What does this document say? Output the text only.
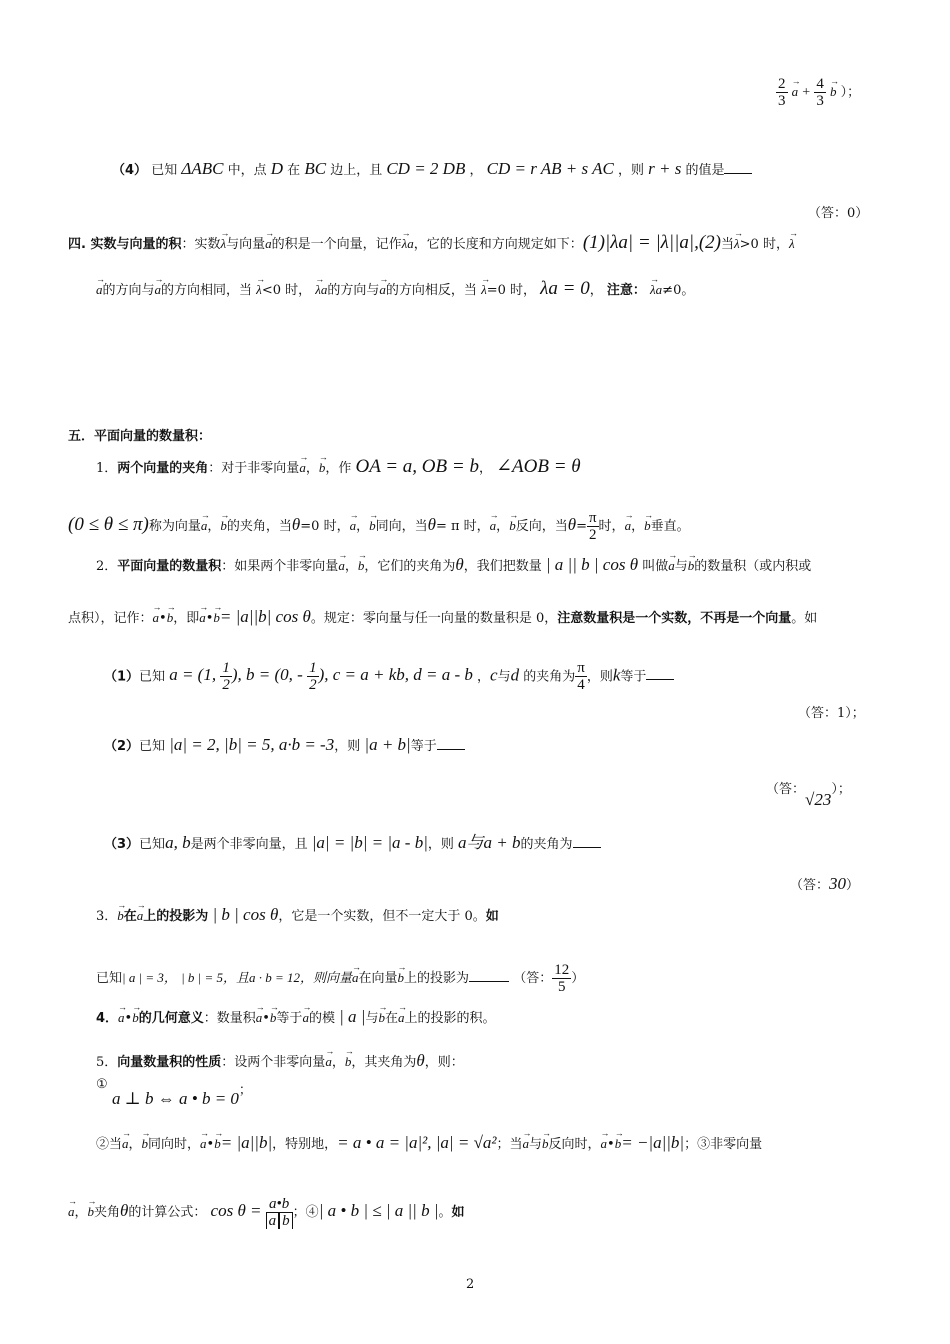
$\frac{2}{3}$
→ $a + \frac{4}{3}$
→ b ）；
（4） 已知 ΔABC 中，点 D 在 BC 边上，且 CD = 2 DB ， CD = r AB + s AC ，则 r + s 的值是
（答：0）
四. 实数与向量的积：实数→ λ与向量→ a的积是一个向量，记作→ λa，它的长度和方向规定如下：(1)|λa| = |λ||a|,(2)当→ λ>0 时，→ λ
→ a的方向与→ a的方向相同，当 → λ<0 时， → λa的方向与→ a的方向相反，当 → λ=0 时， λa = 0， 注意： → λa≠0。
五．平面向量的数量积：
1．两个向量的夹角：对于非零向量→ a，→ b，作 OA = a, OB = b， ∠AOB = θ
(0 ≤ θ ≤ π)称为向量→ a，→ b的夹角，当θ=0 时，→ a，→ b同向，当θ= π 时，→ a，→ b反向，当$\theta= \frac{\pi}{2}$ 时，→ a，→ b垂直。
2．平面向量的数量积：如果两个非零向量→ a，→ b，它们的夹角为θ，我们把数量 | a || b | cos θ 叫做→ a与→ b的数量积（或内积或
点积），记作：→ a•→ b，即→ a•→ b= |a||b| cos θ。规定：零向量与任一向量的数量积是 0，注意数量积是一个实数，不再是一个向量。如
（1）已知 a = (1, $\frac{1}{2}$ ), b = (0, - $\frac{1}{2}$ ), c = a + kb, d = a - b ，c与d 的夹角为 $\frac{\pi}{4}$ ，则k等于
（答：1）；
（2）已知 |a| = 2, |b| = 5, a·b = -3，则 |a + b|等于
（答：√23）；
（3）已知a, b是两个非零向量，且 |a| = |b| = |a - b|，则 a与a + b的夹角为
（答：30）
3．→ b在→ a上的投影为 | b | cos θ，它是一个实数，但不一定大于 0。如
已知| a | = 3， | b | = 5，且a · b = 12，则向量→ a在向量→ b上的投影为	（答： $\frac{12}{5}$ ）
4．→ a•→ b的几何意义：数量积→ a•→ b等于→ a的模 | a |与→ b在→ a上的投影的积。
5．向量数量积的性质：设两个非零向量→ a，→ b，其夹角为θ，则：
①
a ⊥ b ⇔ a • b = 0；
②当→ a，→ b同向时，→ a•→ b= |a||b|，特别地，= a • a = |a|², |a| = √a²；当→ a与→ b反向时，→ a•→ b= −|a||b|；③非零向量
→ a，→ b夹角θ的计算公式： $\cos \theta = \frac{a•b}{\text{a b}}$ ；④| a • b | ≤ | a || b |。如
2
